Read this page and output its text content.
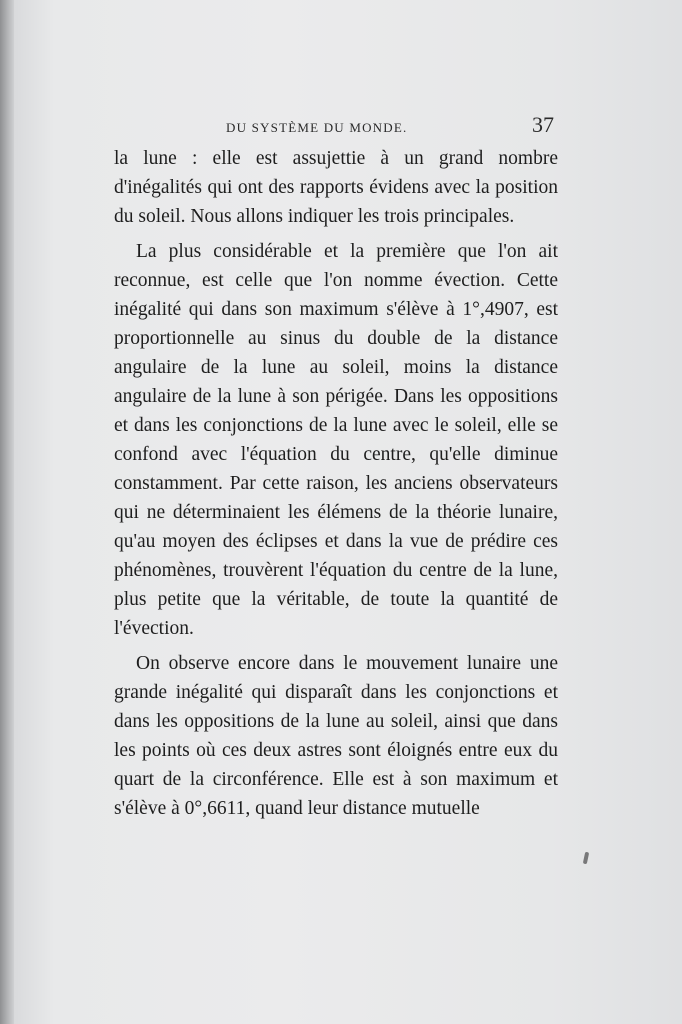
DU SYSTÈME DU MONDE.	37

la lune : elle est assujettie à un grand nombre d'inégalités qui ont des rapports évidens avec la position du soleil. Nous allons indiquer les trois principales.

La plus considérable et la première que l'on ait reconnue, est celle que l'on nomme évection. Cette inégalité qui dans son maximum s'élève à 1°,4907, est proportionnelle au sinus du double de la distance angulaire de la lune au soleil, moins la distance angulaire de la lune à son périgée. Dans les oppositions et dans les conjonctions de la lune avec le soleil, elle se confond avec l'équation du centre, qu'elle diminue constamment. Par cette raison, les anciens observateurs qui ne déterminaient les élémens de la théorie lunaire, qu'au moyen des éclipses et dans la vue de prédire ces phénomènes, trouvèrent l'équation du centre de la lune, plus petite que la véritable, de toute la quantité de l'évection.

On observe encore dans le mouvement lunaire une grande inégalité qui disparaît dans les conjonctions et dans les oppositions de la lune au soleil, ainsi que dans les points où ces deux astres sont éloignés entre eux du quart de la circonférence. Elle est à son maximum et s'élève à 0°,6611, quand leur distance mutuelle
